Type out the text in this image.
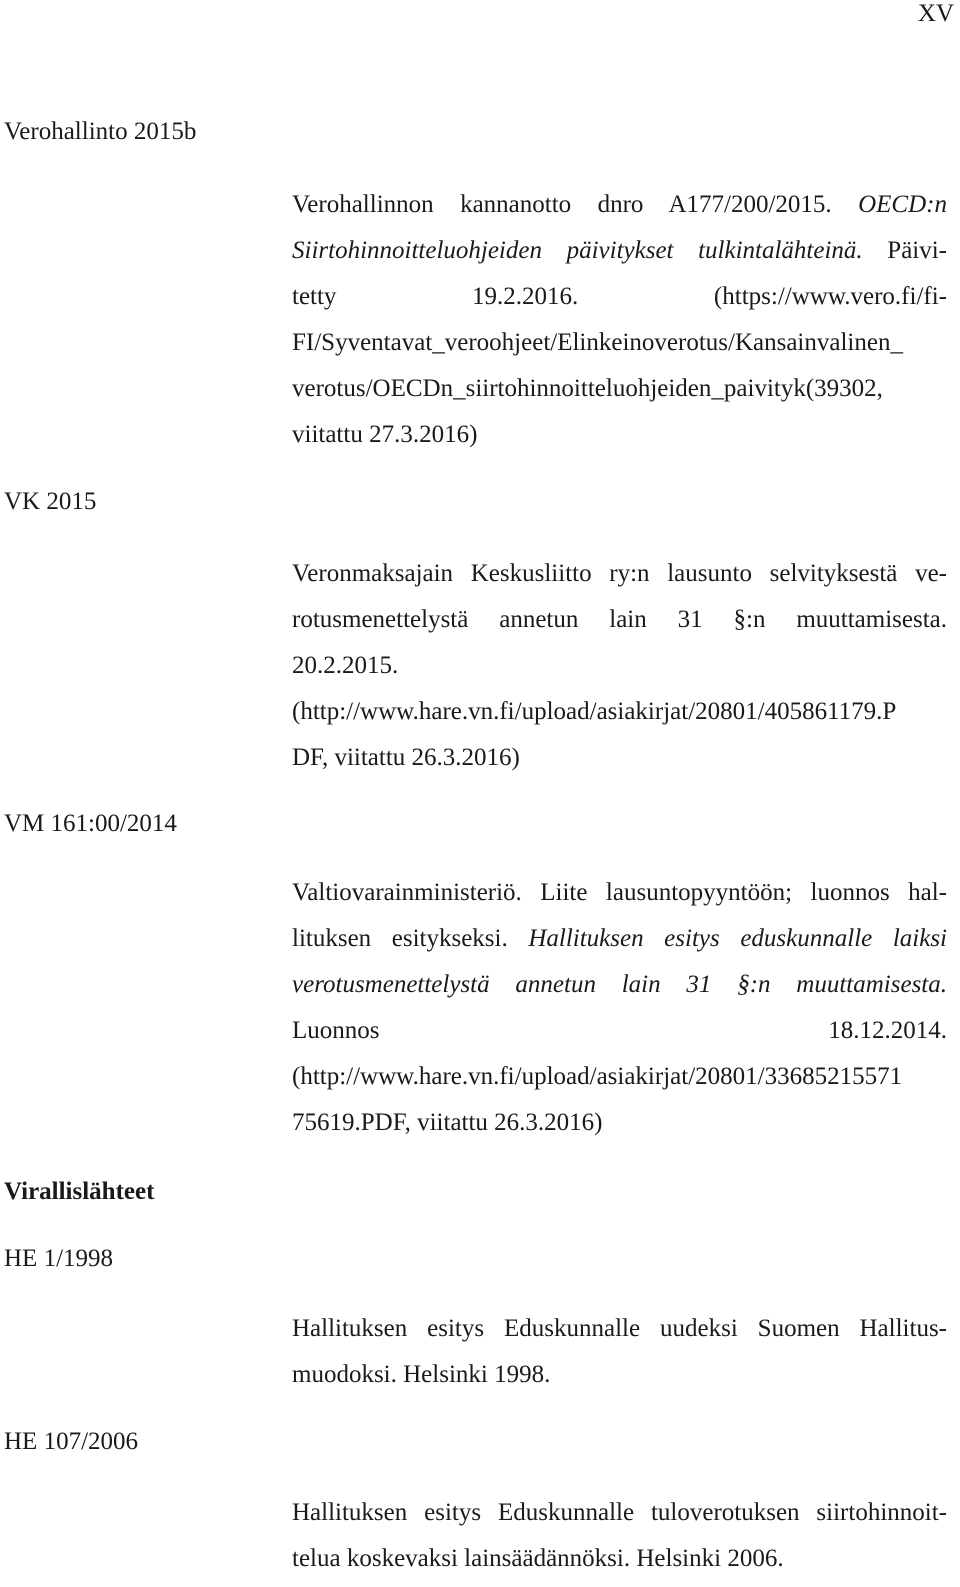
XV
Verohallinto 2015b
Verohallinnon kannanotto dnro A177/200/2015. OECD:n
Siirtohinnoitteluohjeiden päivitykset tulkintalähteinä. Päivi-
tetty 19.2.2016. (https://www.vero.fi/fi-
FI/Syventavat_veroohjeet/Elinkeinoverotus/Kansainvalinen_
verotus/OECDn_siirtohinnoitteluohjeiden_paivityk(39302,
viitattu 27.3.2016)
VK 2015
Veronmaksajain Keskusliitto ry:n lausunto selvityksestä ve-
rotusmenettelystä annetun lain 31 §:n muuttamisesta.
20.2.2015.
(http://www.hare.vn.fi/upload/asiakirjat/20801/405861179.P
DF, viitattu 26.3.2016)
VM 161:00/2014
Valtiovarainministeriö. Liite lausuntopyyntöön; luonnos hal-
lituksen esitykseksi. Hallituksen esitys eduskunnalle laiksi
verotusmenettelystä annetun lain 31 §:n muuttamisesta.
Luonnos 18.12.2014.
(http://www.hare.vn.fi/upload/asiakirjat/20801/33685215571
75619.PDF, viitattu 26.3.2016)
Virallislähteet
HE 1/1998
Hallituksen esitys Eduskunnalle uudeksi Suomen Hallitus-
muodoksi. Helsinki 1998.
HE 107/2006
Hallituksen esitys Eduskunnalle tuloverotuksen siirtohinnoit-
telua koskevaksi lainsäädännöksi. Helsinki 2006.
